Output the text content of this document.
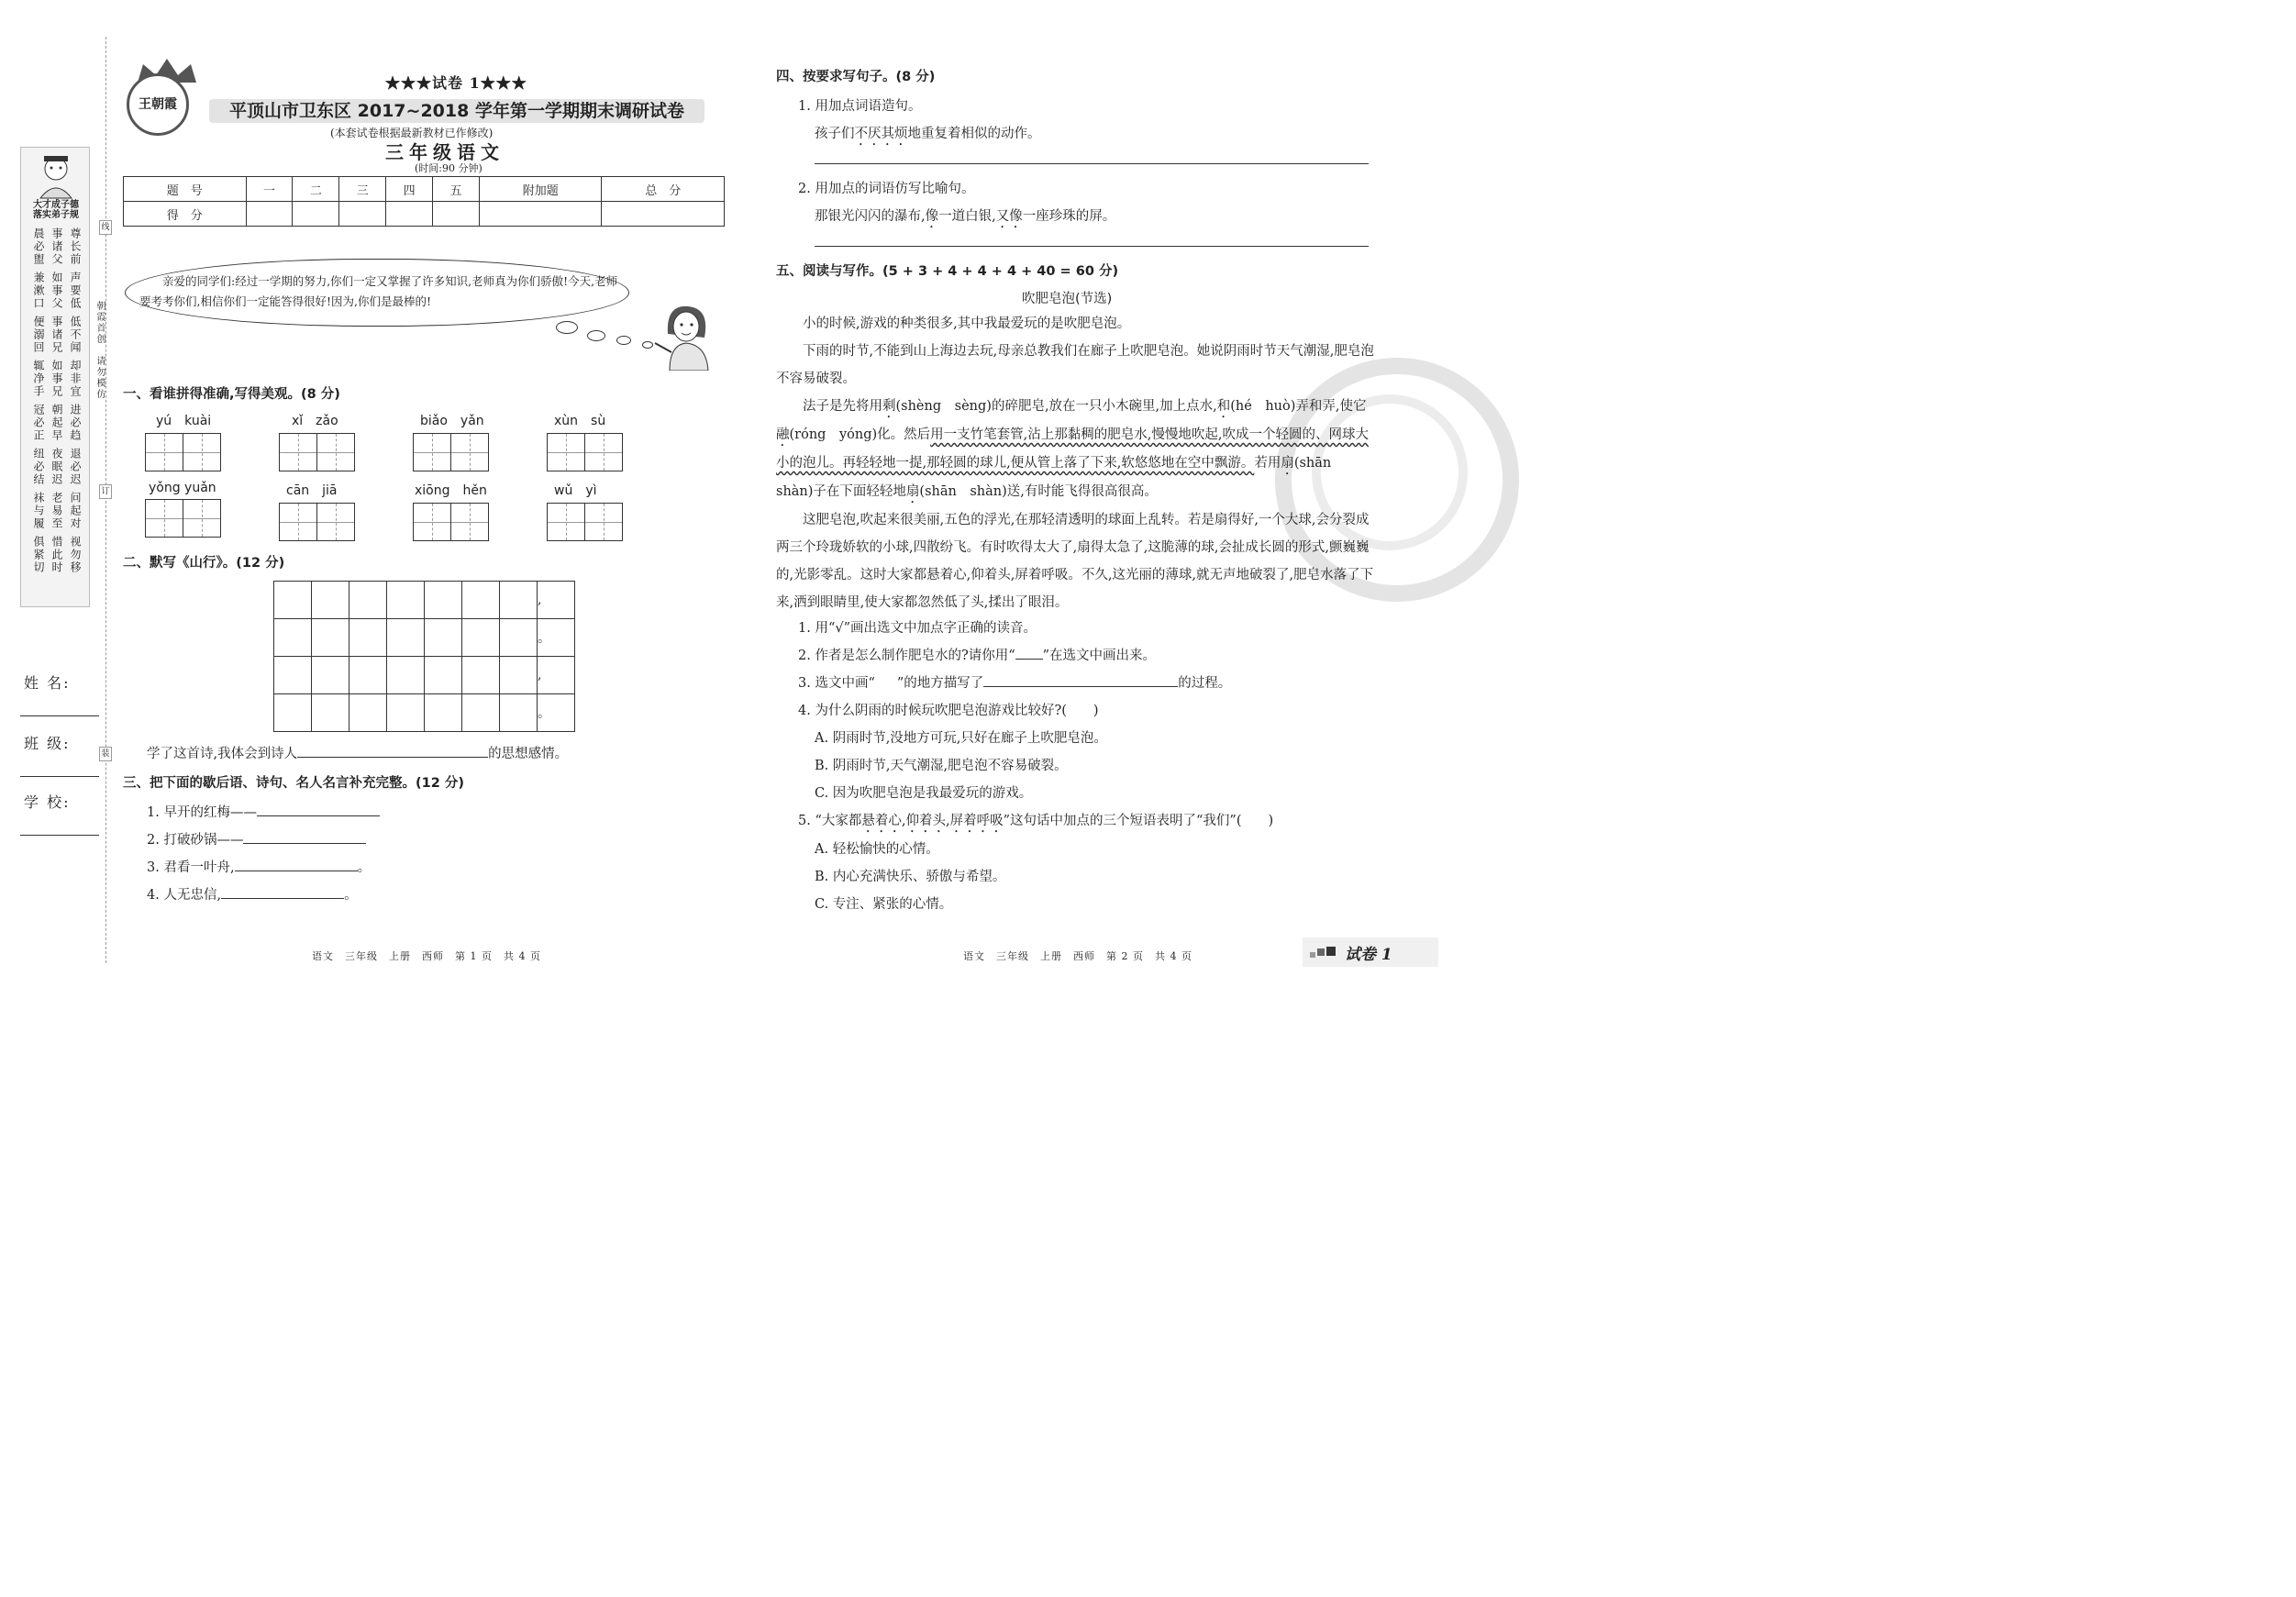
大才成子德
落实弟子规
晨必盥 事诸父 尊长前
兼漱口 如事父 声要低
便溺回 事诸兄 低不闻
辄净手 如事兄 却非宜
冠必正 朝起早 进必趋
纽必结 夜眠迟 退必迟
袜与履 老易至 问起对
俱紧切 惜此时 视勿移
朝霞首创
请勿模仿
线
订
装
姓 名:
班 级:
学 校:
王朝霞
★★★试卷 1★★★
平顶山市卫东区 2017~2018 学年第一学期期末调研试卷
(本套试卷根据最新教材已作修改)
三年级语文
(时间:90 分钟)
题　号	一	二	三	四	五	附加题	总　分
得　分							
亲爱的同学们:经过一学期的努力,你们一定又掌握了许多知识,老师真为你们骄傲!今天,老师要考考你们,相信你们一定能答得很好!因为,你们是最棒的!
一、看谁拼得准确,写得美观。(8 分)
yú　kuài	xǐ　zǎo	biǎo　yǎn	xùn　sù
yǒng yuǎn	cān　jiā	xiōng　hěn	wǔ　yì
二、默写《山行》。(12 分)
							,
							。
							,
							。
学了这首诗,我体会到诗人	的思想感情。
三、把下面的歇后语、诗句、名人名言补充完整。(12 分)
1. 早开的红梅——
2. 打破砂锅——
3. 君看一叶舟,	。
4. 人无忠信,	。
语文　三年级　上册　西师　第 1 页　共 4 页
四、按要求写句子。(8 分)
1. 用加点词语造句。
孩子们不厌其烦地重复着相似的动作。
2. 用加点的词语仿写比喻句。
那银光闪闪的瀑布,像一道白银,又像一座珍珠的屏。
五、阅读与写作。(5 + 3 + 4 + 4 + 4 + 40 = 60 分)
吹肥皂泡(节选)
小的时候,游戏的种类很多,其中我最爱玩的是吹肥皂泡。
下雨的时节,不能到山上海边去玩,母亲总教我们在廊子上吹肥皂泡。她说阴雨时节天气潮湿,肥皂泡不容易破裂。
法子是先将用剩(shèng　sèng)的碎肥皂,放在一只小木碗里,加上点水,和(hé　huò)弄和弄,使它融(róng　yóng)化。然后用一支竹笔套管,沾上那黏稠的肥皂水,慢慢地吹起,吹成一个轻圆的、网球大小的泡儿。再轻轻地一提,那轻圆的球儿,便从管上落了下来,软悠悠地在空中飘游。若用扇(shān　shàn)子在下面轻轻地扇(shān　shàn)送,有时能飞得很高很高。
这肥皂泡,吹起来很美丽,五色的浮光,在那轻清透明的球面上乱转。若是扇得好,一个大球,会分裂成两三个玲珑娇软的小球,四散纷飞。有时吹得太大了,扇得太急了,这脆薄的球,会扯成长圆的形式,颤巍巍的,光影零乱。这时大家都悬着心,仰着头,屏着呼吸。不久,这光丽的薄球,就无声地破裂了,肥皂水落了下来,洒到眼睛里,使大家都忽然低了头,揉出了眼泪。
1. 用“√”画出选文中加点字正确的读音。
2. 作者是怎么制作肥皂水的?请你用“ ”在选文中画出来。
3. 选文中画“ ”的地方描写了	的过程。
4. 为什么阴雨的时候玩吹肥皂泡游戏比较好?(　　)
A. 阴雨时节,没地方可玩,只好在廊子上吹肥皂泡。
B. 阴雨时节,天气潮湿,肥皂泡不容易破裂。
C. 因为吹肥皂泡是我最爱玩的游戏。
5. “大家都悬着心,仰着头,屏着呼吸”这句话中加点的三个短语表明了“我们”(　　)
A. 轻松愉快的心情。
B. 内心充满快乐、骄傲与希望。
C. 专注、紧张的心情。
语文　三年级　上册　西师　第 2 页　共 4 页	试卷 1
